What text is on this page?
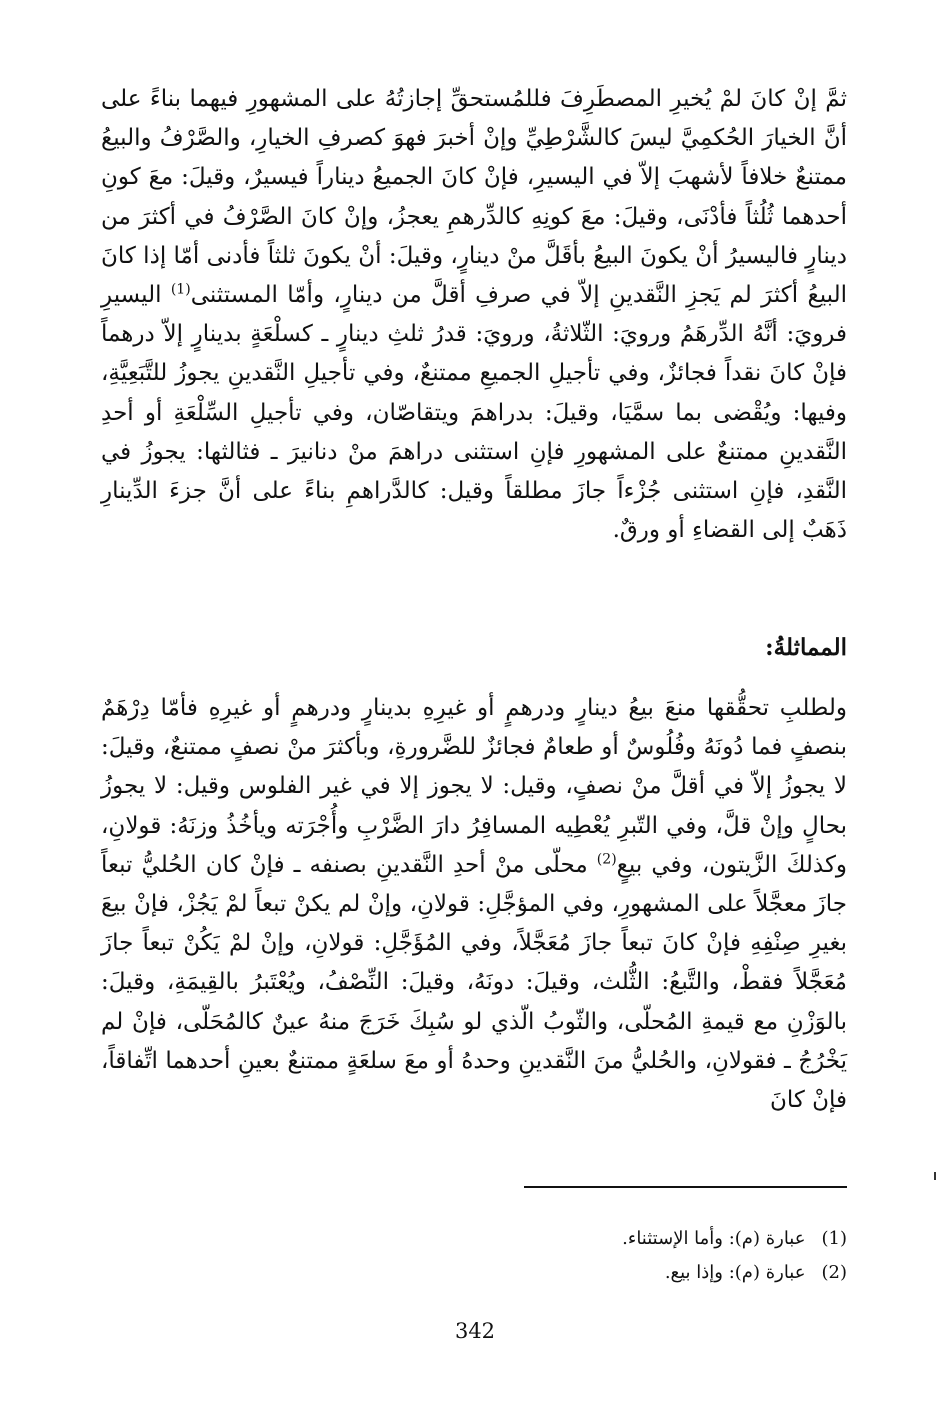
ثمَّ إنْ كانَ لمْ يُخيرِ المصطَرِفَ فللمُستحقِّ إجازتُهُ على المشهورِ فيهما بناءً على أنَّ الخيارَ الحُكمِيَّ ليسَ كالشَّرْطِيِّ وإنْ أخبرَ فهوَ كصرفِ الخيارِ، والصَّرْفُ والبيعُ ممتنعٌ خلافاً لأشهبَ إلاّ في اليسيرِ، فإنْ كانَ الجميعُ ديناراً فيسيرٌ، وقيلَ: معَ كونِ أحدهما ثُلُثاً فأدْنَى، وقيلَ: معَ كونِهِ كالدِّرهمِ يعجزُ، وإنْ كانَ الصَّرْفُ في أكثرَ من دينارٍ فاليسيرُ أنْ يكونَ البيعُ بأقَلَّ منْ دينارٍ، وقيلَ: أنْ يكونَ ثلثاً فأدنى أمّا إذا كانَ البيعُ أكثرَ لم يَجزِ النَّقدينِ إلاّ في صرفِ أقلَّ من دينارٍ، وأمّا المستثنى$^{(1)}$ اليسيرِ فرويَ: أنَّهُ الدِّرهَمُ ورويَ: الثّلاثةُ، ورويَ: قدرُ ثلثِ دينارٍ ـ كسلْعَةٍ بدينارٍ إلاّ درهماً فإنْ كانَ نقداً فجائزٌ، وفي تأجيلِ الجميعِ ممتنعٌ، وفي تأجيلِ النَّقدينِ يجوزُ للتَّبَعِيَّةِ، وفيها: ويُقْضى بما سمَّيَا، وقيلَ: بدراهمَ ويتقاصّان، وفي تأجيلِ السِّلْعَةِ أو أحدِ النَّقدينِ ممتنعٌ على المشهورِ فإنِ استثنى دراهمَ منْ دنانيرَ ـ فثالثها: يجوزُ في النَّقدِ، فإنِ استثنى جُزْءاً جازَ مطلقاً وقيل: كالدَّراهمِ بناءً على أنَّ جزءَ الدِّينارِ ذَهَبٌ إلى القضاءِ أو ورقٌ.

المماثلةُ:

ولطلبِ تحقُّقها منعَ بيعُ دينارٍ ودرهمٍ أو غيرِهِ بدينارٍ ودرهمٍ أو غيرِهِ فأمّا دِرْهَمٌ بنصفٍ فما دُونَهُ وفُلُوسٌ أو طعامٌ فجائزٌ للضَّرورةِ، وبأكثرَ منْ نصفٍ ممتنعٌ، وقيلَ: لا يجوزُ إلاّ في أقلَّ منْ نصفٍ، وقيل: لا يجوز إلا في غير الفلوس وقيل: لا يجوزُ بحالٍ وإنْ قلَّ، وفي التّبرِ يُعْطِيه المسافِرُ دارَ الضَّرْبِ وأُجْرَته ويأخُذُ وزنَهُ: قولانِ، وكذلكَ الزَّيتون، وفي بيعٍ$^{(2)}$ محلّى منْ أحدِ النَّقدينِ بصنفه ـ فإنْ كان الحُليُّ تبعاً جازَ معجَّلاً على المشهورِ، وفي المؤجَّلِ: قولانِ، وإنْ لم يكنْ تبعاً لمْ يَجُزْ، فإنْ بيعَ بغيرِ صِنْفِهِ فإنْ كانَ تبعاً جازَ مُعَجَّلاً، وفي المُؤَجَّلِ: قولانِ، وإنْ لمْ يَكُنْ تبعاً جازَ مُعَجَّلاً فقطْ، والتَّبعُ: الثُّلث، وقيلَ: دونَهُ، وقيلَ: النِّصْفُ، ويُعْتَبرُ بالقِيمَةِ، وقيلَ: بالوَزْنِ مع قيمةِ المُحلّى، والثّوبُ الّذي لو سُبِكَ خَرَجَ منهُ عينٌ كالمُحَلّى، فإنْ لم يَخْرُجُ ـ فقولانِ، والحُليُّ منَ النَّقدينِ وحدهُ أو معَ سلعَةٍ ممتنعٌ بعينِ أحدهما اتِّفاقاً، فإنْ كانَ

(1)عبارة (م): وأما الإستثناء.
(2)عبارة (م): وإذا بيع.
342
